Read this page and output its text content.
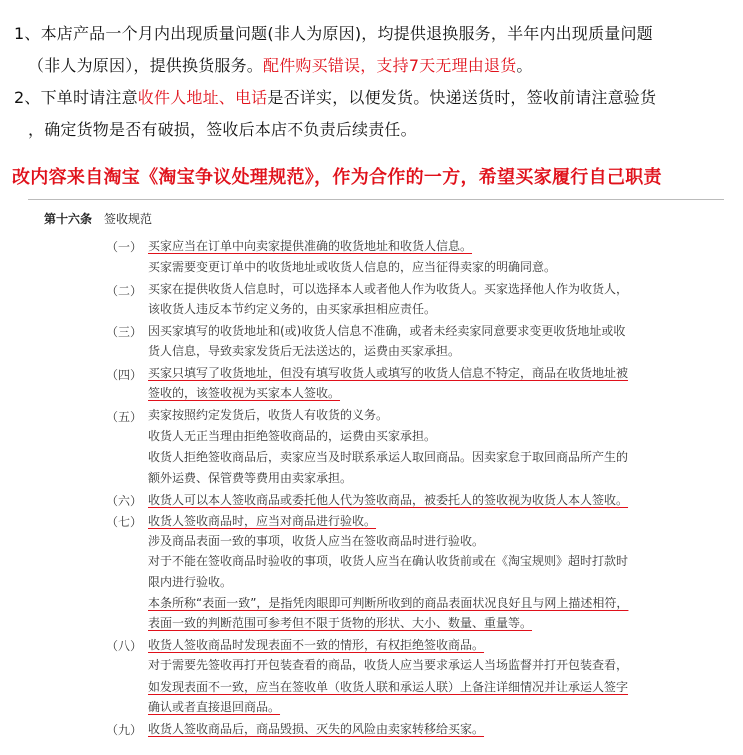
1、本店产品一个月内出现质量问题(非人为原因)，均提供退换服务，半年内出现质量问题
（非人为原因），提供换货服务。配件购买错误，支持7天无理由退货。
2、下单时请注意收件人地址、电话是否详实，以便发货。快递送货时，签收前请注意验货
，确定货物是否有破损，签收后本店不负责后续责任。
改内容来自淘宝《淘宝争议处理规范》，作为合作的一方，希望买家履行自己职责
第十六条 签收规范
（一）
（二）
（三）
（四）
（五）
（六）
（七）
（八）
（九）
买家应当在订单中向卖家提供准确的收货地址和收货人信息。
买家需要变更订单中的收货地址或收货人信息的，应当征得卖家的明确同意。
买家在提供收货人信息时，可以选择本人或者他人作为收货人。买家选择他人作为收货人，
该收货人违反本节约定义务的，由买家承担相应责任。
因买家填写的收货地址和(或)收货人信息不准确，或者未经卖家同意要求变更收货地址或收
货人信息，导致卖家发货后无法送达的，运费由买家承担。
买家只填写了收货地址，但没有填写收货人或填写的收货人信息不特定，商品在收货地址被
签收的，该签收视为买家本人签收。
卖家按照约定发货后，收货人有收货的义务。
收货人无正当理由拒绝签收商品的，运费由买家承担。
收货人拒绝签收商品后，卖家应当及时联系承运人取回商品。因卖家怠于取回商品所产生的
额外运费、保管费等费用由卖家承担。
收货人可以本人签收商品或委托他人代为签收商品，被委托人的签收视为收货人本人签收。
收货人签收商品时，应当对商品进行验收。
涉及商品表面一致的事项，收货人应当在签收商品时进行验收。
对于不能在签收商品时验收的事项，收货人应当在确认收货前或在《淘宝规则》超时打款时
限内进行验收。
本条所称“表面一致”，是指凭肉眼即可判断所收到的商品表面状况良好且与网上描述相符，
表面一致的判断范围可参考但不限于货物的形状、大小、数量、重量等。
收货人签收商品时发现表面不一致的情形，有权拒绝签收商品。
对于需要先签收再打开包装查看的商品，收货人应当要求承运人当场监督并打开包装查看，
如发现表面不一致，应当在签收单（收货人联和承运人联）上备注详细情况并让承运人签字
确认或者直接退回商品。
收货人签收商品后，商品毁损、灭失的风险由卖家转移给买家。
